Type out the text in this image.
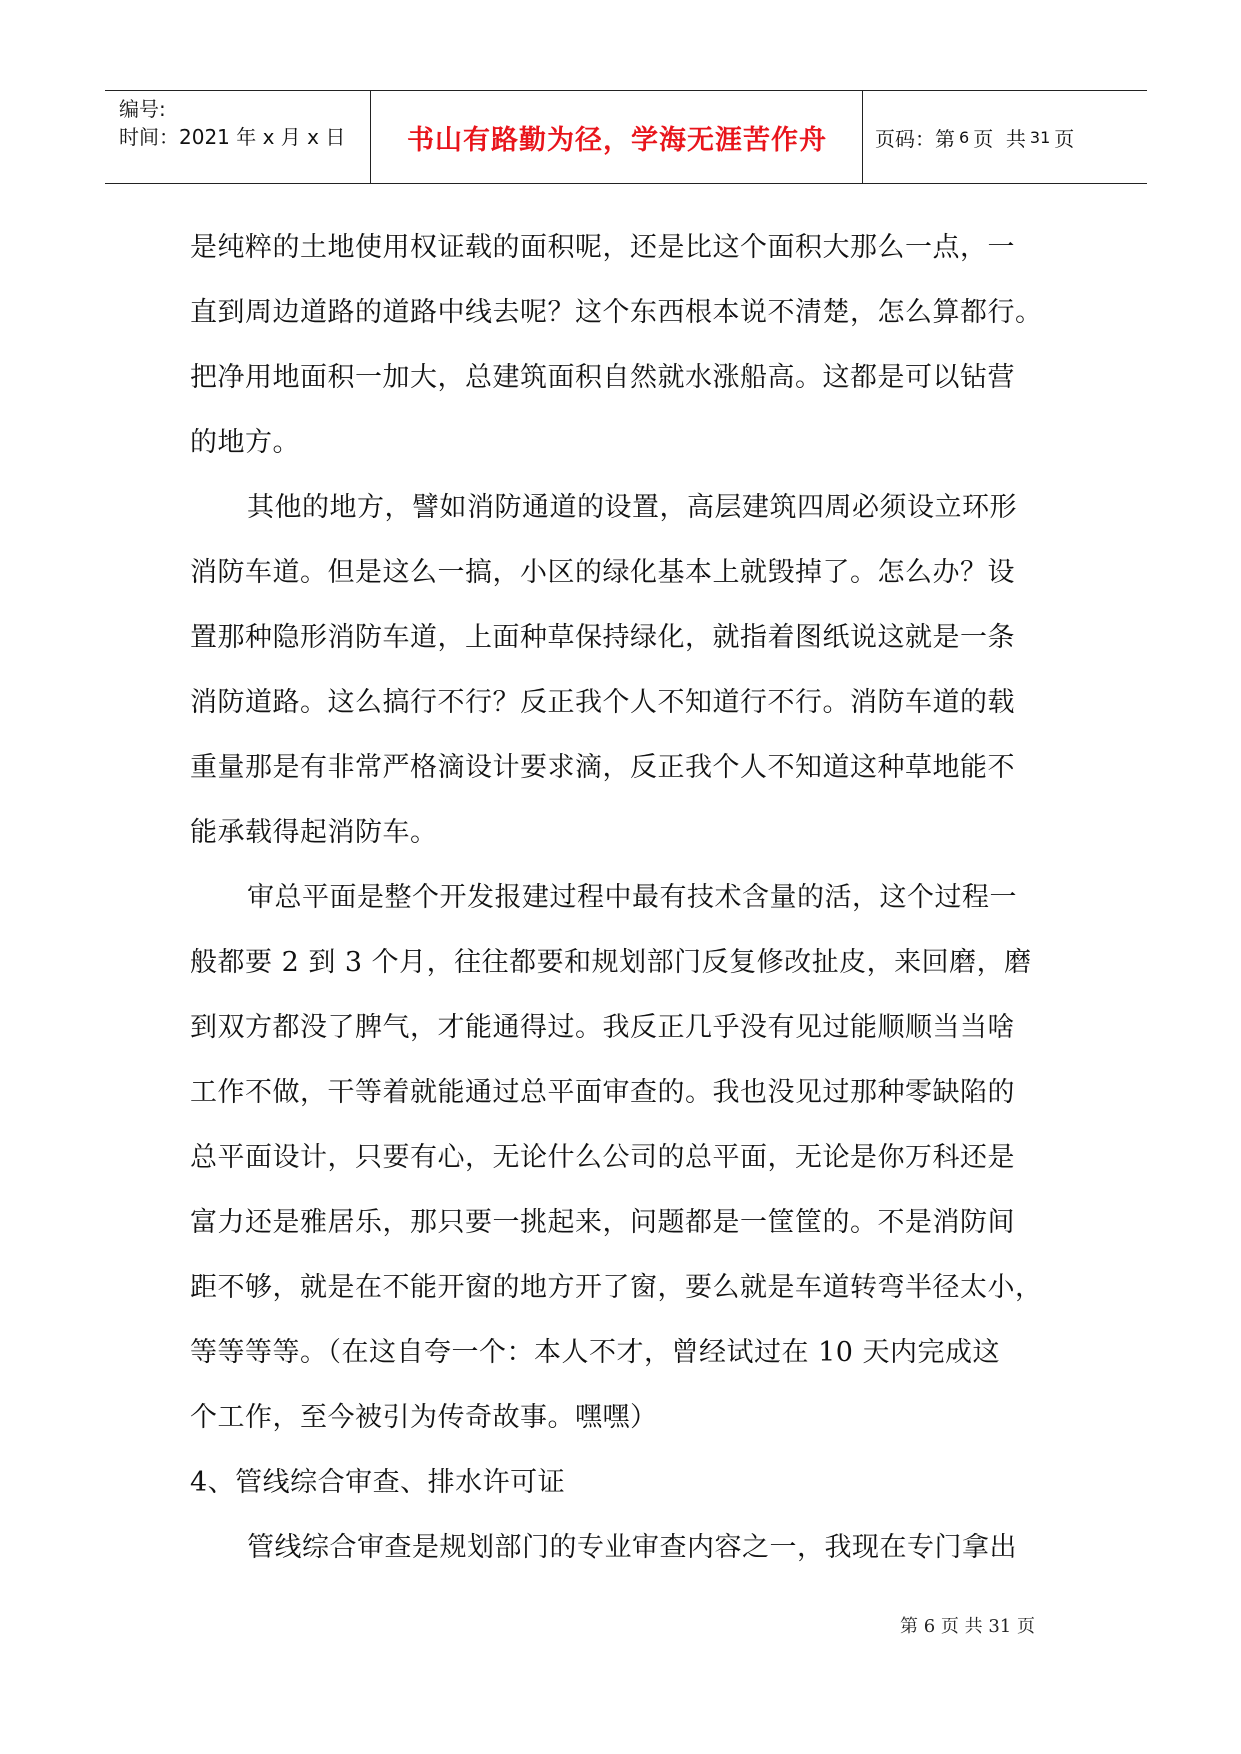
编号:
时间：2021 年 x 月 x 日	书山有路勤为径，学海无涯苦作舟	页码：第 6 页  共 31 页
是纯粹的土地使用权证载的面积呢，还是比这个面积大那么一点，一
直到周边道路的道路中线去呢？这个东西根本说不清楚，怎么算都行。
把净用地面积一加大，总建筑面积自然就水涨船高。这都是可以钻营
的地方。
其他的地方，譬如消防通道的设置，高层建筑四周必须设立环形
消防车道。但是这么一搞，小区的绿化基本上就毁掉了。怎么办？设
置那种隐形消防车道，上面种草保持绿化，就指着图纸说这就是一条
消防道路。这么搞行不行？反正我个人不知道行不行。消防车道的载
重量那是有非常严格滴设计要求滴，反正我个人不知道这种草地能不
能承载得起消防车。
审总平面是整个开发报建过程中最有技术含量的活，这个过程一
般都要 2 到 3 个月，往往都要和规划部门反复修改扯皮，来回磨，磨
到双方都没了脾气，才能通得过。我反正几乎没有见过能顺顺当当啥
工作不做，干等着就能通过总平面审查的。我也没见过那种零缺陷的
总平面设计，只要有心，无论什么公司的总平面，无论是你万科还是
富力还是雅居乐，那只要一挑起来，问题都是一筐筐的。不是消防间
距不够，就是在不能开窗的地方开了窗，要么就是车道转弯半径太小，
等等等等。（在这自夸一个：本人不才，曾经试过在 10 天内完成这
个工作，至今被引为传奇故事。嘿嘿）
4、管线综合审查、排水许可证
管线综合审查是规划部门的专业审查内容之一，我现在专门拿出
第 6 页 共 31 页
